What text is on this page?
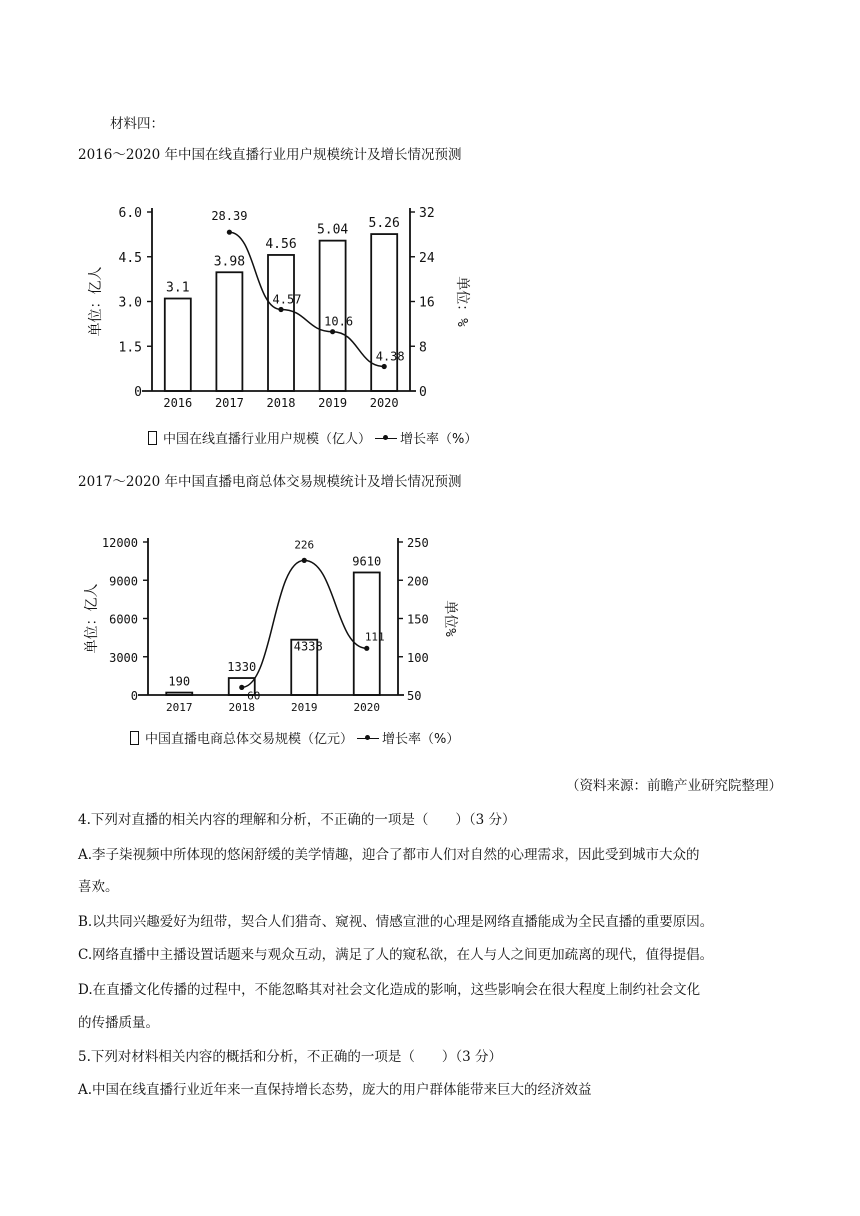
材料四：
2016～2020 年中国在线直播行业用户规模统计及增长情况预测
0
1.5
3.0
4.5
6.0
0
8
16
24
32
2016 2017 2018 2019 2020
3.1
3.98
4.56
5.04 5.26
28.39
4.57
10.6
4.38
单位：亿人	单位：%
中国在线直播行业用户规模（亿人） 增长率（%）
2017～2020 年中国直播电商总体交易规模统计及增长情况预测
0
3000
6000
9000
12000
50
100
150
200
250
2017	2018	2019	2020
190
1330
4338
9610
60
226
111
单位：亿人	单位%
中国直播电商总体交易规模（亿元） 增长率（%）
（资料来源：前瞻产业研究院整理）
4.下列对直播的相关内容的理解和分析，不正确的一项是（　　）（3 分）
A.李子柒视频中所体现的悠闲舒缓的美学情趣，迎合了都市人们对自然的心理需求，因此受到城市大众的
喜欢。
B.以共同兴趣爱好为纽带，契合人们猎奇、窥视、情感宣泄的心理是网络直播能成为全民直播的重要原因。
C.网络直播中主播设置话题来与观众互动，满足了人的窥私欲，在人与人之间更加疏离的现代，值得提倡。
D.在直播文化传播的过程中，不能忽略其对社会文化造成的影响，这些影响会在很大程度上制约社会文化
的传播质量。
5.下列对材料相关内容的概括和分析，不正确的一项是（　　）（3 分）
A.中国在线直播行业近年来一直保持增长态势，庞大的用户群体能带来巨大的经济效益
